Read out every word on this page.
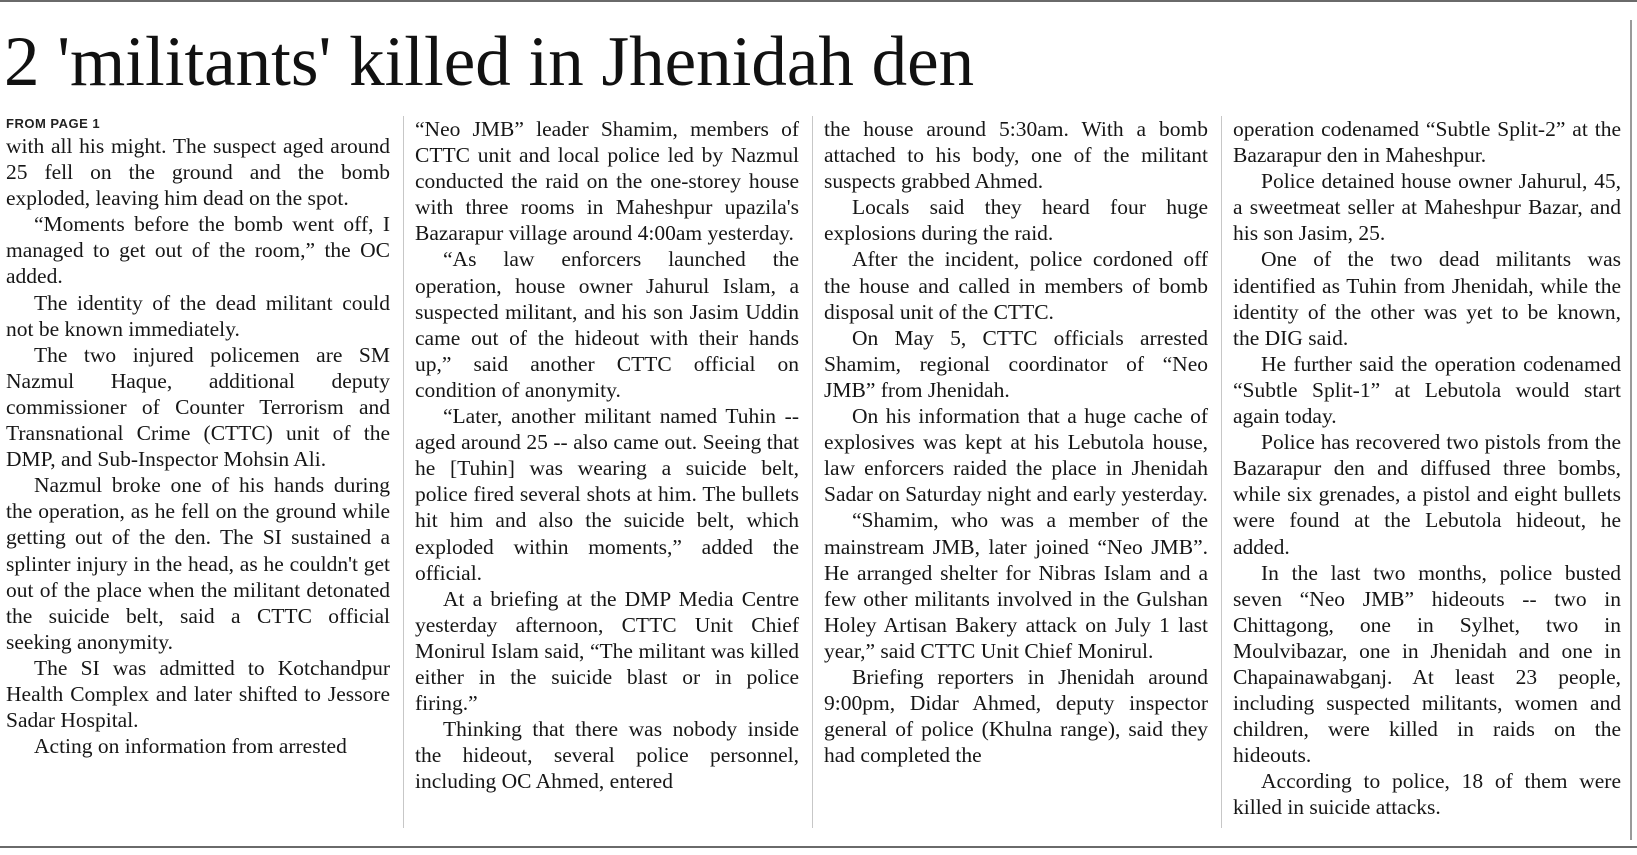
2 'militants' killed in Jhenidah den
FROM PAGE 1

with all his might. The suspect aged around 25 fell on the ground and the bomb exploded, leaving him dead on the spot.

“Moments before the bomb went off, I managed to get out of the room,” the OC added.

The identity of the dead militant could not be known immediately.

The two injured policemen are SM Nazmul Haque, additional deputy commissioner of Counter Terrorism and Transnational Crime (CTTC) unit of the DMP, and Sub-Inspector Mohsin Ali.

Nazmul broke one of his hands during the operation, as he fell on the ground while getting out of the den. The SI sustained a splinter injury in the head, as he couldn't get out of the place when the militant detonated the suicide belt, said a CTTC official seeking anonymity.

The SI was admitted to Kotchandpur Health Complex and later shifted to Jessore Sadar Hospital.

Acting on information from arrested

“Neo JMB” leader Shamim, members of CTTC unit and local police led by Nazmul conducted the raid on the one-storey house with three rooms in Maheshpur upazila's Bazarapur village around 4:00am yesterday.

“As law enforcers launched the operation, house owner Jahurul Islam, a suspected militant, and his son Jasim Uddin came out of the hideout with their hands up,” said another CTTC official on condition of anonymity.

“Later, another militant named Tuhin -- aged around 25 -- also came out. Seeing that he [Tuhin] was wearing a suicide belt, police fired several shots at him. The bullets hit him and also the suicide belt, which exploded within moments,” added the official.

At a briefing at the DMP Media Centre yesterday afternoon, CTTC Unit Chief Monirul Islam said, “The militant was killed either in the suicide blast or in police firing.”

Thinking that there was nobody inside the hideout, several police personnel, including OC Ahmed, entered

the house around 5:30am. With a bomb attached to his body, one of the militant suspects grabbed Ahmed.

Locals said they heard four huge explosions during the raid.

After the incident, police cordoned off the house and called in members of bomb disposal unit of the CTTC.

On May 5, CTTC officials arrested Shamim, regional coordinator of “Neo JMB” from Jhenidah.

On his information that a huge cache of explosives was kept at his Lebutola house, law enforcers raided the place in Jhenidah Sadar on Saturday night and early yesterday.

“Shamim, who was a member of the mainstream JMB, later joined “Neo JMB”. He arranged shelter for Nibras Islam and a few other militants involved in the Gulshan Holey Artisan Bakery attack on July 1 last year,” said CTTC Unit Chief Monirul.

Briefing reporters in Jhenidah around 9:00pm, Didar Ahmed, deputy inspector general of police (Khulna range), said they had completed the

operation codenamed “Subtle Split-2” at the Bazarapur den in Maheshpur.

Police detained house owner Jahurul, 45, a sweetmeat seller at Maheshpur Bazar, and his son Jasim, 25.

One of the two dead militants was identified as Tuhin from Jhenidah, while the identity of the other was yet to be known, the DIG said.

He further said the operation codenamed “Subtle Split-1” at Lebutola would start again today.

Police has recovered two pistols from the Bazarapur den and diffused three bombs, while six grenades, a pistol and eight bullets were found at the Lebutola hideout, he added.

In the last two months, police busted seven “Neo JMB” hideouts -- two in Chittagong, one in Sylhet, two in Moulvibazar, one in Jhenidah and one in Chapainawabganj. At least 23 people, including suspected militants, women and children, were killed in raids on the hideouts.

According to police, 18 of them were killed in suicide attacks.
